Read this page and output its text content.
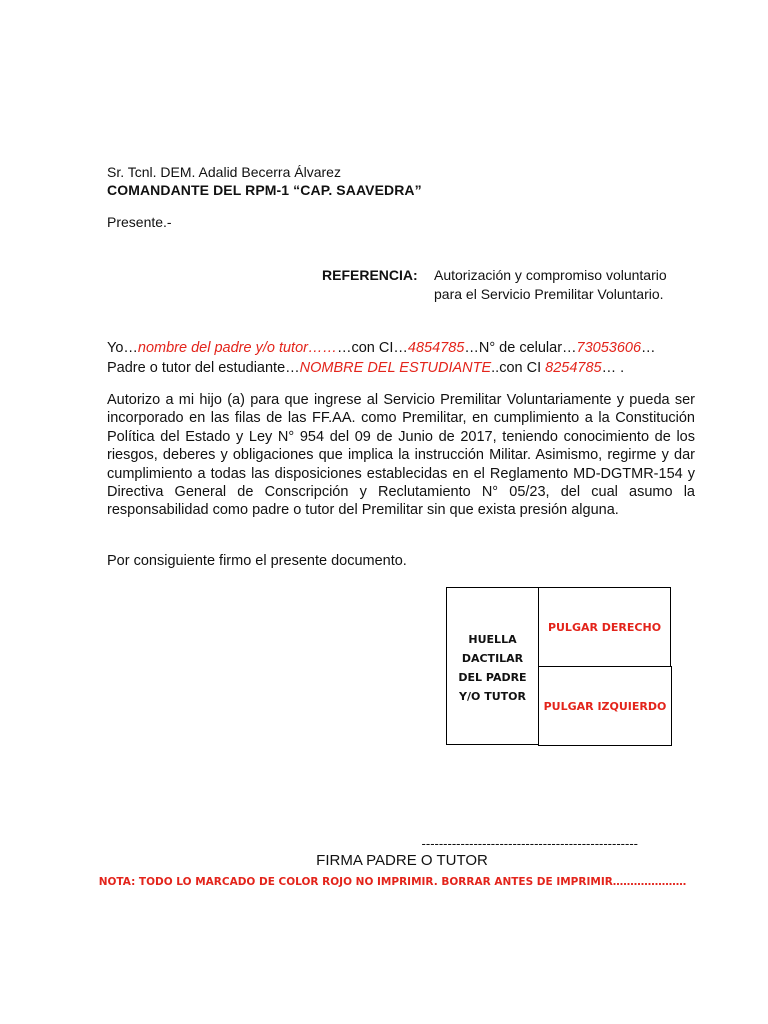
Sr. Tcnl. DEM. Adalid Becerra Álvarez
COMANDANTE DEL RPM-1 “CAP. SAAVEDRA”
Presente.-
REFERENCIA: Autorización y compromiso voluntario
para el Servicio Premilitar Voluntario.
Yo…nombre del padre y/o tutor………con CI…4854785…N° de celular…73053606…
Padre o tutor del estudiante…NOMBRE DEL ESTUDIANTE..con CI 8254785… .
Autorizo a mi hijo (a) para que ingrese al Servicio Premilitar Voluntariamente y pueda ser incorporado en las filas de las FF.AA. como Premilitar, en cumplimiento a la Constitución Política del Estado y Ley N° 954 del 09 de Junio de 2017, teniendo conocimiento de los riesgos, deberes y obligaciones que implica la instrucción Militar. Asimismo, regirme y dar cumplimiento a todas las disposiciones establecidas en el Reglamento MD-DGTMR-154 y Directiva General de Conscripción y Reclutamiento N° 05/23, del cual asumo la responsabilidad como padre o tutor del Premilitar sin que exista presión alguna.
Por consiguiente firmo el presente documento.
HUELLA
DACTILAR
DEL PADRE
Y/O TUTOR
PULGAR DERECHO
PULGAR IZQUIERDO
--------------------------------------------------
FIRMA PADRE O TUTOR
NOTA: TODO LO MARCADO DE COLOR ROJO NO IMPRIMIR. BORRAR ANTES DE IMPRIMIR…………………
